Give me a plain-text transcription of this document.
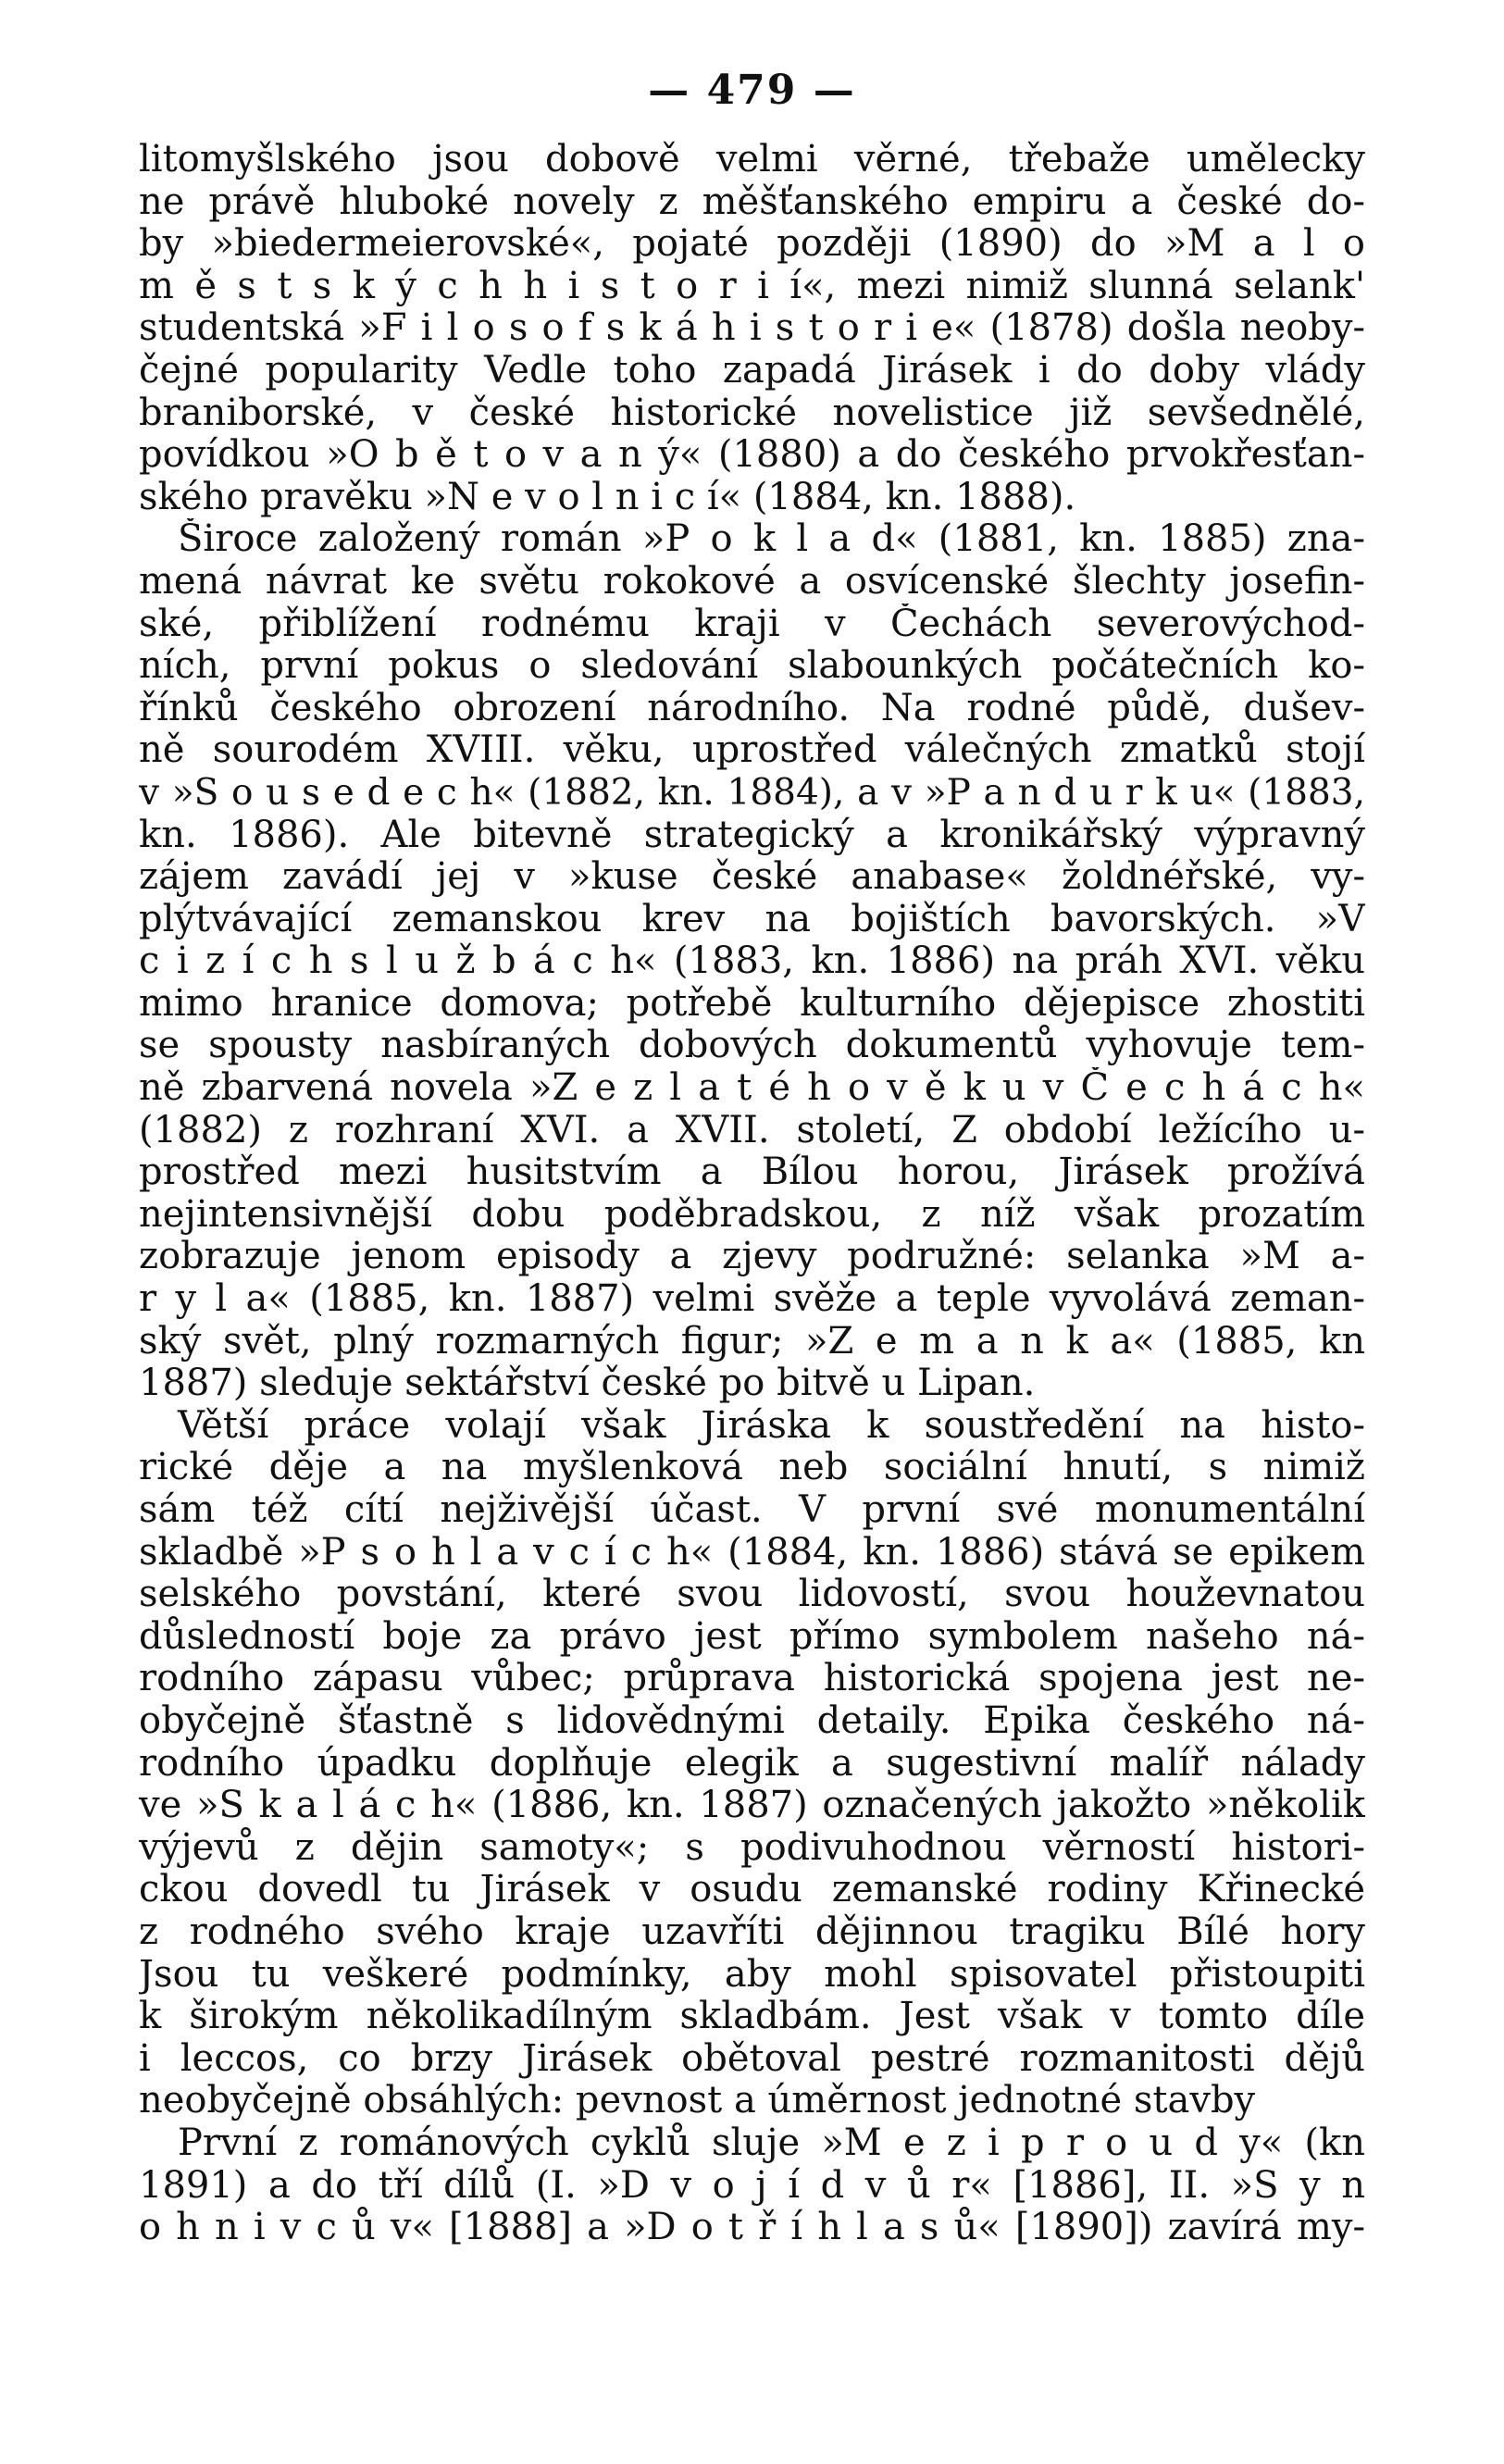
— 479 —
litomyšlského jsou dobově velmi věrné, třebaže umělecky
ne právě hluboké novely z měšťanského empiru a české do-
by »biedermeierovské«, pojaté později (1890) do »M a l o
m ě s t s k ý c h h i s t o r i í«, mezi nimiž slunná selank'
studentská »F i l o s o f s k á h i s t o r i e« (1878) došla neoby-
čejné popularity Vedle toho zapadá Jirásek i do doby vlády
braniborské, v české historické novelistice již sevšednělé,
povídkou »O b ě t o v a n ý« (1880) a do českého prvokřesťan-
ského pravěku »N e v o l n i c í« (1884, kn. 1888).
Široce založený román »P o k l a d« (1881, kn. 1885) zna-
mená návrat ke světu rokokové a osvícenské šlechty josefin-
ské, přiblížení rodnému kraji v Čechách severovýchod-
ních, první pokus o sledování slabounkých počátečních ko-
řínků českého obrození národního. Na rodné půdě, dušev-
ně sourodém XVIII. věku, uprostřed válečných zmatků stojí
v »S o u s e d e c h« (1882, kn. 1884), a v »P a n d u r k u« (1883,
kn. 1886). Ale bitevně strategický a kronikářský výpravný
zájem zavádí jej v »kuse české anabase« žoldnéřské, vy-
plýtvávající zemanskou krev na bojištích bavorských. »V
c i z í c h s l u ž b á c h« (1883, kn. 1886) na práh XVI. věku
mimo hranice domova; potřebě kulturního dějepisce zhostiti
se spousty nasbíraných dobových dokumentů vyhovuje tem-
ně zbarvená novela »Z e z l a t é h o v ě k u v Č e c h á c h«
(1882) z rozhraní XVI. a XVII. století, Z období ležícího u-
prostřed mezi husitstvím a Bílou horou, Jirásek prožívá
nejintensivnější dobu poděbradskou, z níž však prozatím
zobrazuje jenom episody a zjevy podružné: selanka »M a-
r y l a« (1885, kn. 1887) velmi svěže a teple vyvolává zeman-
ský svět, plný rozmarných figur; »Z e m a n k a« (1885, kn
1887) sleduje sektářství české po bitvě u Lipan.
Větší práce volají však Jiráska k soustředění na histo-
rické děje a na myšlenková neb sociální hnutí, s nimiž
sám též cítí nejživější účast. V první své monumentální
skladbě »P s o h l a v c í c h« (1884, kn. 1886) stává se epikem
selského povstání, které svou lidovostí, svou houževnatou
důsledností boje za právo jest přímo symbolem našeho ná-
rodního zápasu vůbec; průprava historická spojena jest ne-
obyčejně šťastně s lidovědnými detaily. Epika českého ná-
rodního úpadku doplňuje elegik a sugestivní malíř nálady
ve »S k a l á c h« (1886, kn. 1887) označených jakožto »několik
výjevů z dějin samoty«; s podivuhodnou věrností histori-
ckou dovedl tu Jirásek v osudu zemanské rodiny Křinecké
z rodného svého kraje uzavříti dějinnou tragiku Bílé hory
Jsou tu veškeré podmínky, aby mohl spisovatel přistoupiti
k širokým několikadílným skladbám. Jest však v tomto díle
i leccos, co brzy Jirásek obětoval pestré rozmanitosti dějů
neobyčejně obsáhlých: pevnost a úměrnost jednotné stavby
První z románových cyklů sluje »M e z i p r o u d y« (kn
1891) a do tří dílů (I. »D v o j í d v ů r« [1886], II. »S y n
o h n i v c ů v« [1888] a »D o t ř í h l a s ů« [1890]) zavírá my-
